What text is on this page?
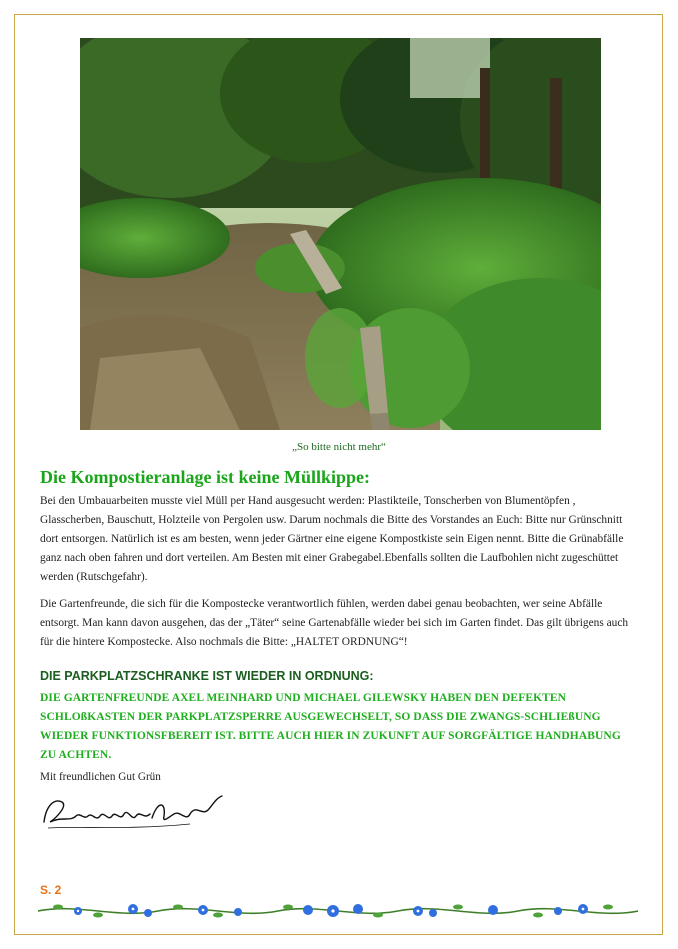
„So bitte nicht mehr“
Die Kompostieranlage ist keine Müllkippe:
Bei den Umbauarbeiten musste viel Müll per Hand ausgesucht werden: Plastikteile, Tonscherben von Blumentöpfen , Glasscherben, Bauschutt, Holzteile von Pergolen usw. Darum nochmals die Bitte des Vorstandes an Euch: Bitte nur Grünschnitt dort entsorgen. Natürlich ist es am besten, wenn jeder Gärtner eine eigene Kompostkiste sein Eigen nennt. Bitte die Grünabfälle ganz nach oben fahren und dort verteilen. Am Besten mit einer Grabegabel.Ebenfalls sollten die Laufbohlen nicht zugeschüttet werden (Rutschgefahr).
Die Gartenfreunde, die sich für die Kompostecke verantwortlich fühlen, werden dabei genau beobachten, wer seine Abfälle entsorgt. Man kann davon ausgehen, das der „Täter“ seine Gartenabfälle wieder bei sich im Garten findet. Das gilt übrigens auch für die hintere Kompostecke. Also nochmals die Bitte: „HALTET ORDNUNG“!
DIE PARKPLATZSCHRANKE IST WIEDER IN ORDNUNG:
DIE GARTENFREUNDE AXEL MEINHARD UND MICHAEL GILEWSKY HABEN DEN DEFEKTEN SCHLOßKASTEN DER PARKPLATZSPERRE AUSGEWECHSELT, SO DASS DIE ZWANGS-SCHLIEßUNG WIEDER FUNKTIONSFBEREIT IST. BITTE AUCH HIER IN ZUKUNFT AUF SORGFÄLTIGE HANDHABUNG ZU ACHTEN.
Mit freundlichen Gut Grün
S. 2
